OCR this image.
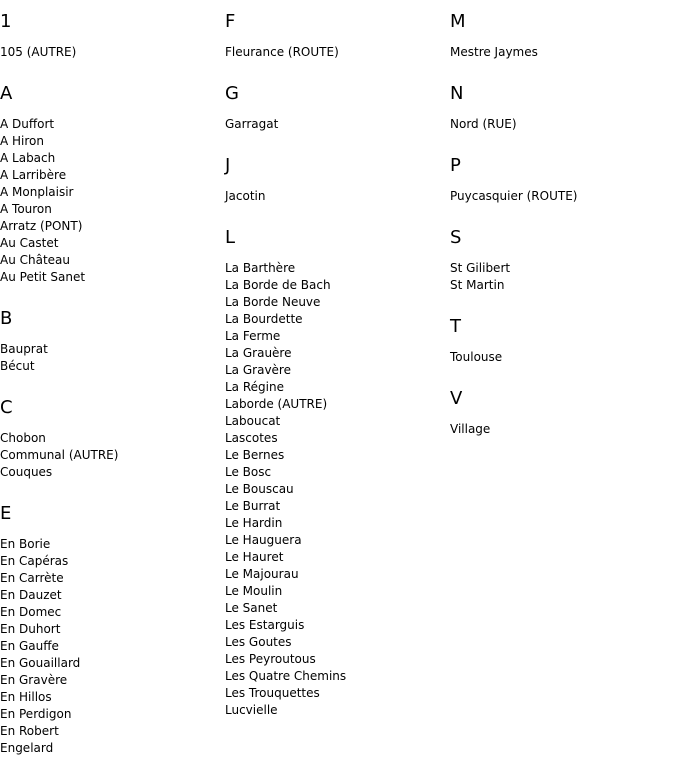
1
105 (AUTRE)
A
A Duffort
A Hiron
A Labach
A Larribère
A Monplaisir
A Touron
Arratz (PONT)
Au Castet
Au Château
Au Petit Sanet
B
Bauprat
Bécut
C
Chobon
Communal (AUTRE)
Couques
E
En Borie
En Capéras
En Carrète
En Dauzet
En Domec
En Duhort
En Gauffe
En Gouaillard
En Gravère
En Hillos
En Perdigon
En Robert
Engelard
F
Fleurance (ROUTE)
G
Garragat
J
Jacotin
L
La Barthère
La Borde de Bach
La Borde Neuve
La Bourdette
La Ferme
La Grauère
La Gravère
La Régine
Laborde (AUTRE)
Laboucat
Lascotes
Le Bernes
Le Bosc
Le Bouscau
Le Burrat
Le Hardin
Le Hauguera
Le Hauret
Le Majourau
Le Moulin
Le Sanet
Les Estarguis
Les Goutes
Les Peyroutous
Les Quatre Chemins
Les Trouquettes
Lucvielle
M
Mestre Jaymes
N
Nord (RUE)
P
Puycasquier (ROUTE)
S
St Gilibert
St Martin
T
Toulouse
V
Village
